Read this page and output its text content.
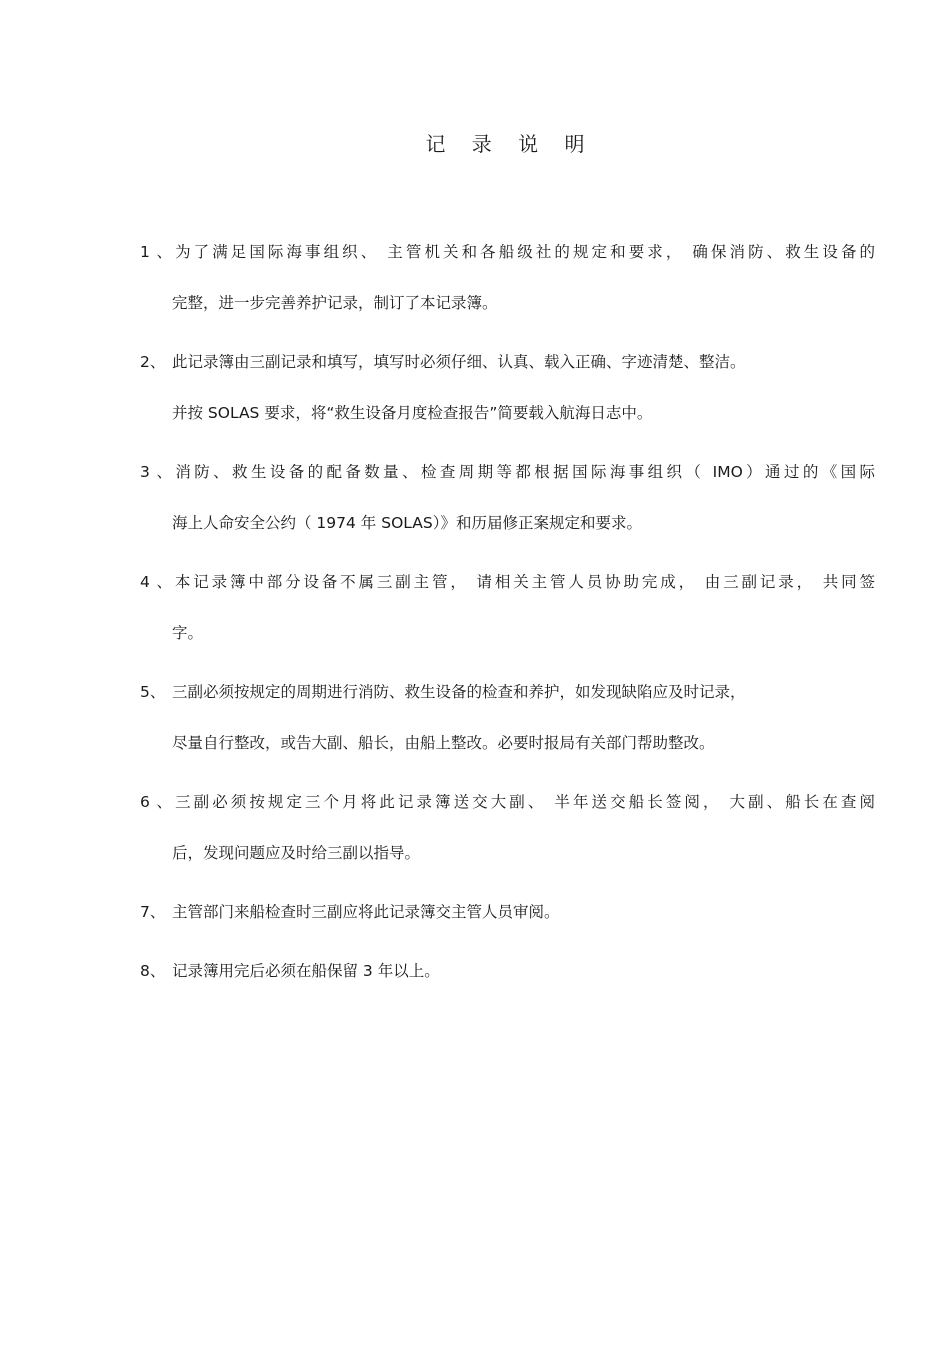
记 录 说 明
1、为了满足国际海事组织、 主管机关和各船级社的规定和要求， 确保消防、救生设备的
完整，进一步完善养护记录，制订了本记录簿。
2、 此记录簿由三副记录和填写，填写时必须仔细、认真、载入正确、字迹清楚、整洁。
并按 SOLAS 要求，将“救生设备月度检查报告”简要载入航海日志中。
3、消防、救生设备的配备数量、检查周期等都根据国际海事组织（ IMO）通过的《国际
海上人命安全公约（ 1974 年 SOLAS）》和历届修正案规定和要求。
4、本记录簿中部分设备不属三副主管， 请相关主管人员协助完成， 由三副记录， 共同签
字。
5、 三副必须按规定的周期进行消防、救生设备的检查和养护，如发现缺陷应及时记录，
尽量自行整改，或告大副、船长，由船上整改。必要时报局有关部门帮助整改。
6、三副必须按规定三个月将此记录簿送交大副、 半年送交船长签阅， 大副、船长在查阅
后，发现问题应及时给三副以指导。
7、 主管部门来船检查时三副应将此记录簿交主管人员审阅。
8、 记录簿用完后必须在船保留 3 年以上。
